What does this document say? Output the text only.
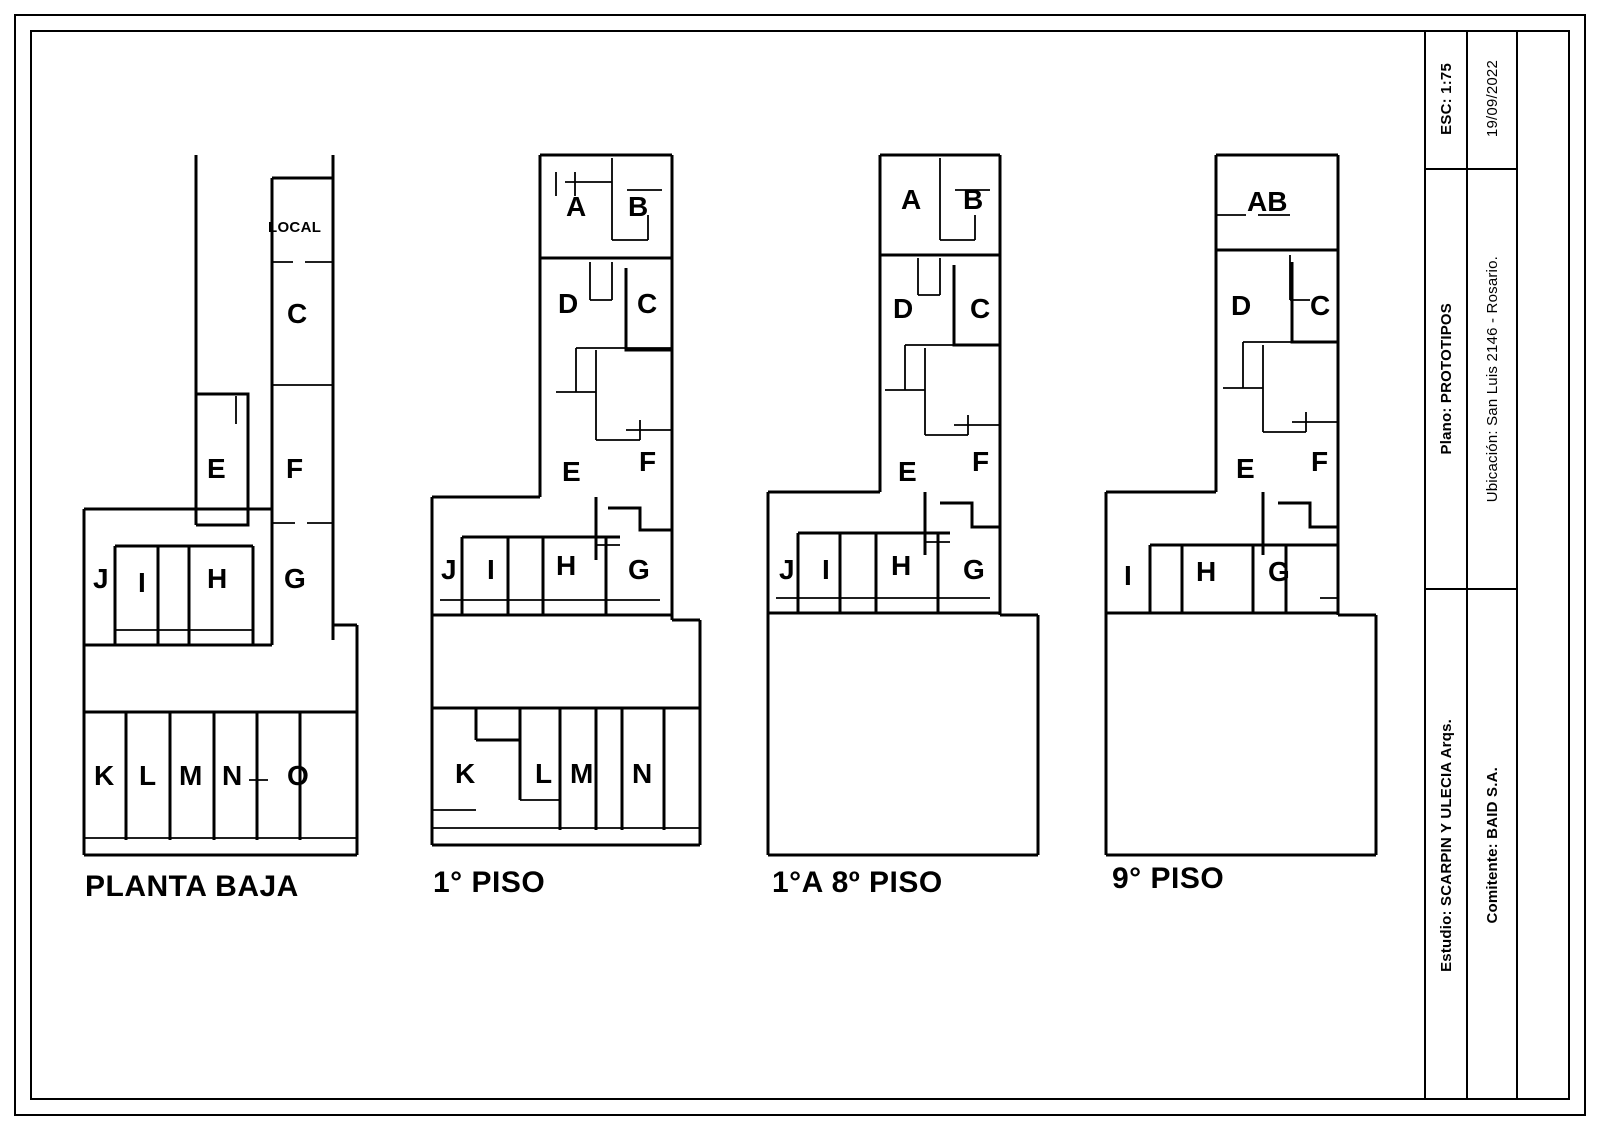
LOCAL
C
E F
J I H G
K L M N O
PLANTA BAJA
A B
D C
E F
J I H G
K L M N
1° PISO
A B
D C
E F
J I H G
1°A 8º PISO
AB
D C
E F
I H G
9° PISO
ESC: 1:75
Plano: PROTOTIPOS
Estudio: SCARPIN Y ULECIA Arqs.
19/09/2022
Ubicación: San Luis 2146 - Rosario.
Comitente: BAID S.A.
